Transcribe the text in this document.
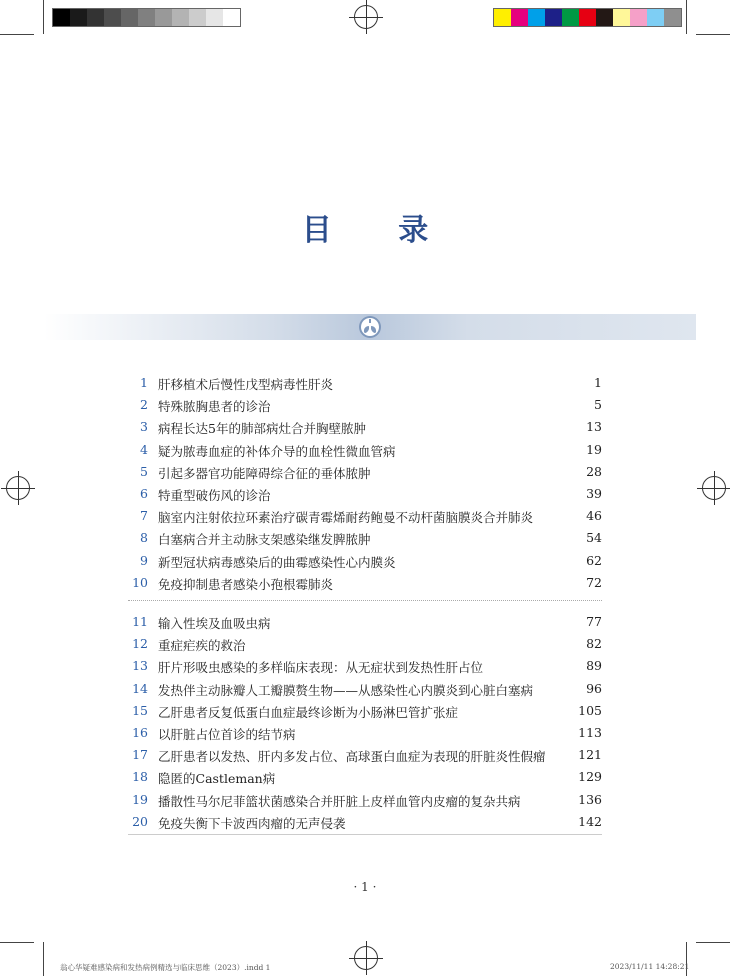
目 录
1 肝移植术后慢性戊型病毒性肝炎	1
2 特殊脓胸患者的诊治	5
3 病程长达5年的肺部病灶合并胸壁脓肿	13
4 疑为脓毒血症的补体介导的血栓性微血管病	19
5 引起多器官功能障碍综合征的垂体脓肿	28
6 特重型破伤风的诊治	39
7 脑室内注射依拉环素治疗碳青霉烯耐药鲍曼不动杆菌脑膜炎合并肺炎	46
8 白塞病合并主动脉支架感染继发脾脓肿	54
9 新型冠状病毒感染后的曲霉感染性心内膜炎	62
10 免疫抑制患者感染小孢根霉肺炎	72
11 输入性埃及血吸虫病	77
12 重症疟疾的救治	82
13 肝片形吸虫感染的多样临床表现：从无症状到发热性肝占位	89
14 发热伴主动脉瓣人工瓣膜赘生物——从感染性心内膜炎到心脏白塞病	96
15 乙肝患者反复低蛋白血症最终诊断为小肠淋巴管扩张症	105
16 以肝脏占位首诊的结节病	113
17 乙肝患者以发热、肝内多发占位、高球蛋白血症为表现的肝脏炎性假瘤	121
18 隐匿的Castleman病	129
19 播散性马尔尼菲篮状菌感染合并肝脏上皮样血管内皮瘤的复杂共病	136
20 免疫失衡下卡波西肉瘤的无声侵袭	142
· 1 ·
翁心华疑难感染病和发热病例精选与临床思维（2023）.indd 1	2023/11/11 14:28:21
